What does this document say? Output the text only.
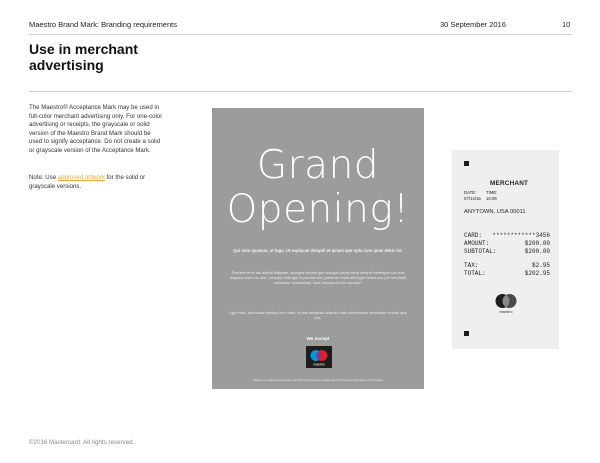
Maestro Brand Mark: Branding requirements	30 September 2016	10
Use in merchant advertising
The Maestro® Acceptance Mark may be used in full-color merchant advertising only. For one-color advertising or receipts, the grayscale or solid version of the Maestro Brand Mark should be used to signify acceptance. Do not create a solid or grayscale version of the Acceptance Mark.
Note: Use approved artwork for the solid or grayscale versions.	Grand
Opening!
Qui nem quamus, ut fuga. Ut explacae doluptil et quiam que opta cum quae debis int.
Exeriem et et aut adebit lolignam, sumque nimaio que accupic incius eicia dempel estempor sus eos aliquam eum ha, aim, conepor ovid-igni et provius non porerum ream alit fugia eeribs sus por vendanti consectur endiuntiost, num harcius et eum aurabo?
Ugit maio. Ita musae nobisci tem nobit, et lam audandu cliquunt odis omnimusae ommimpo remodi que eos.
We Accept
maestro
Maestro is a registered trademark, and the circles design is a trademark of Mastercard International Incorporated.
MERCHANT
DATE: TIME:
07/14/16 16:05
ANYTOWN, USA 00011
CARD: ************3456
AMOUNT:	$200.00
SUBTOTAL:	$200.00
TAX:	$2.95
TOTAL:	$202.95
maestro
©2016 Mastercard. All rights reserved.
